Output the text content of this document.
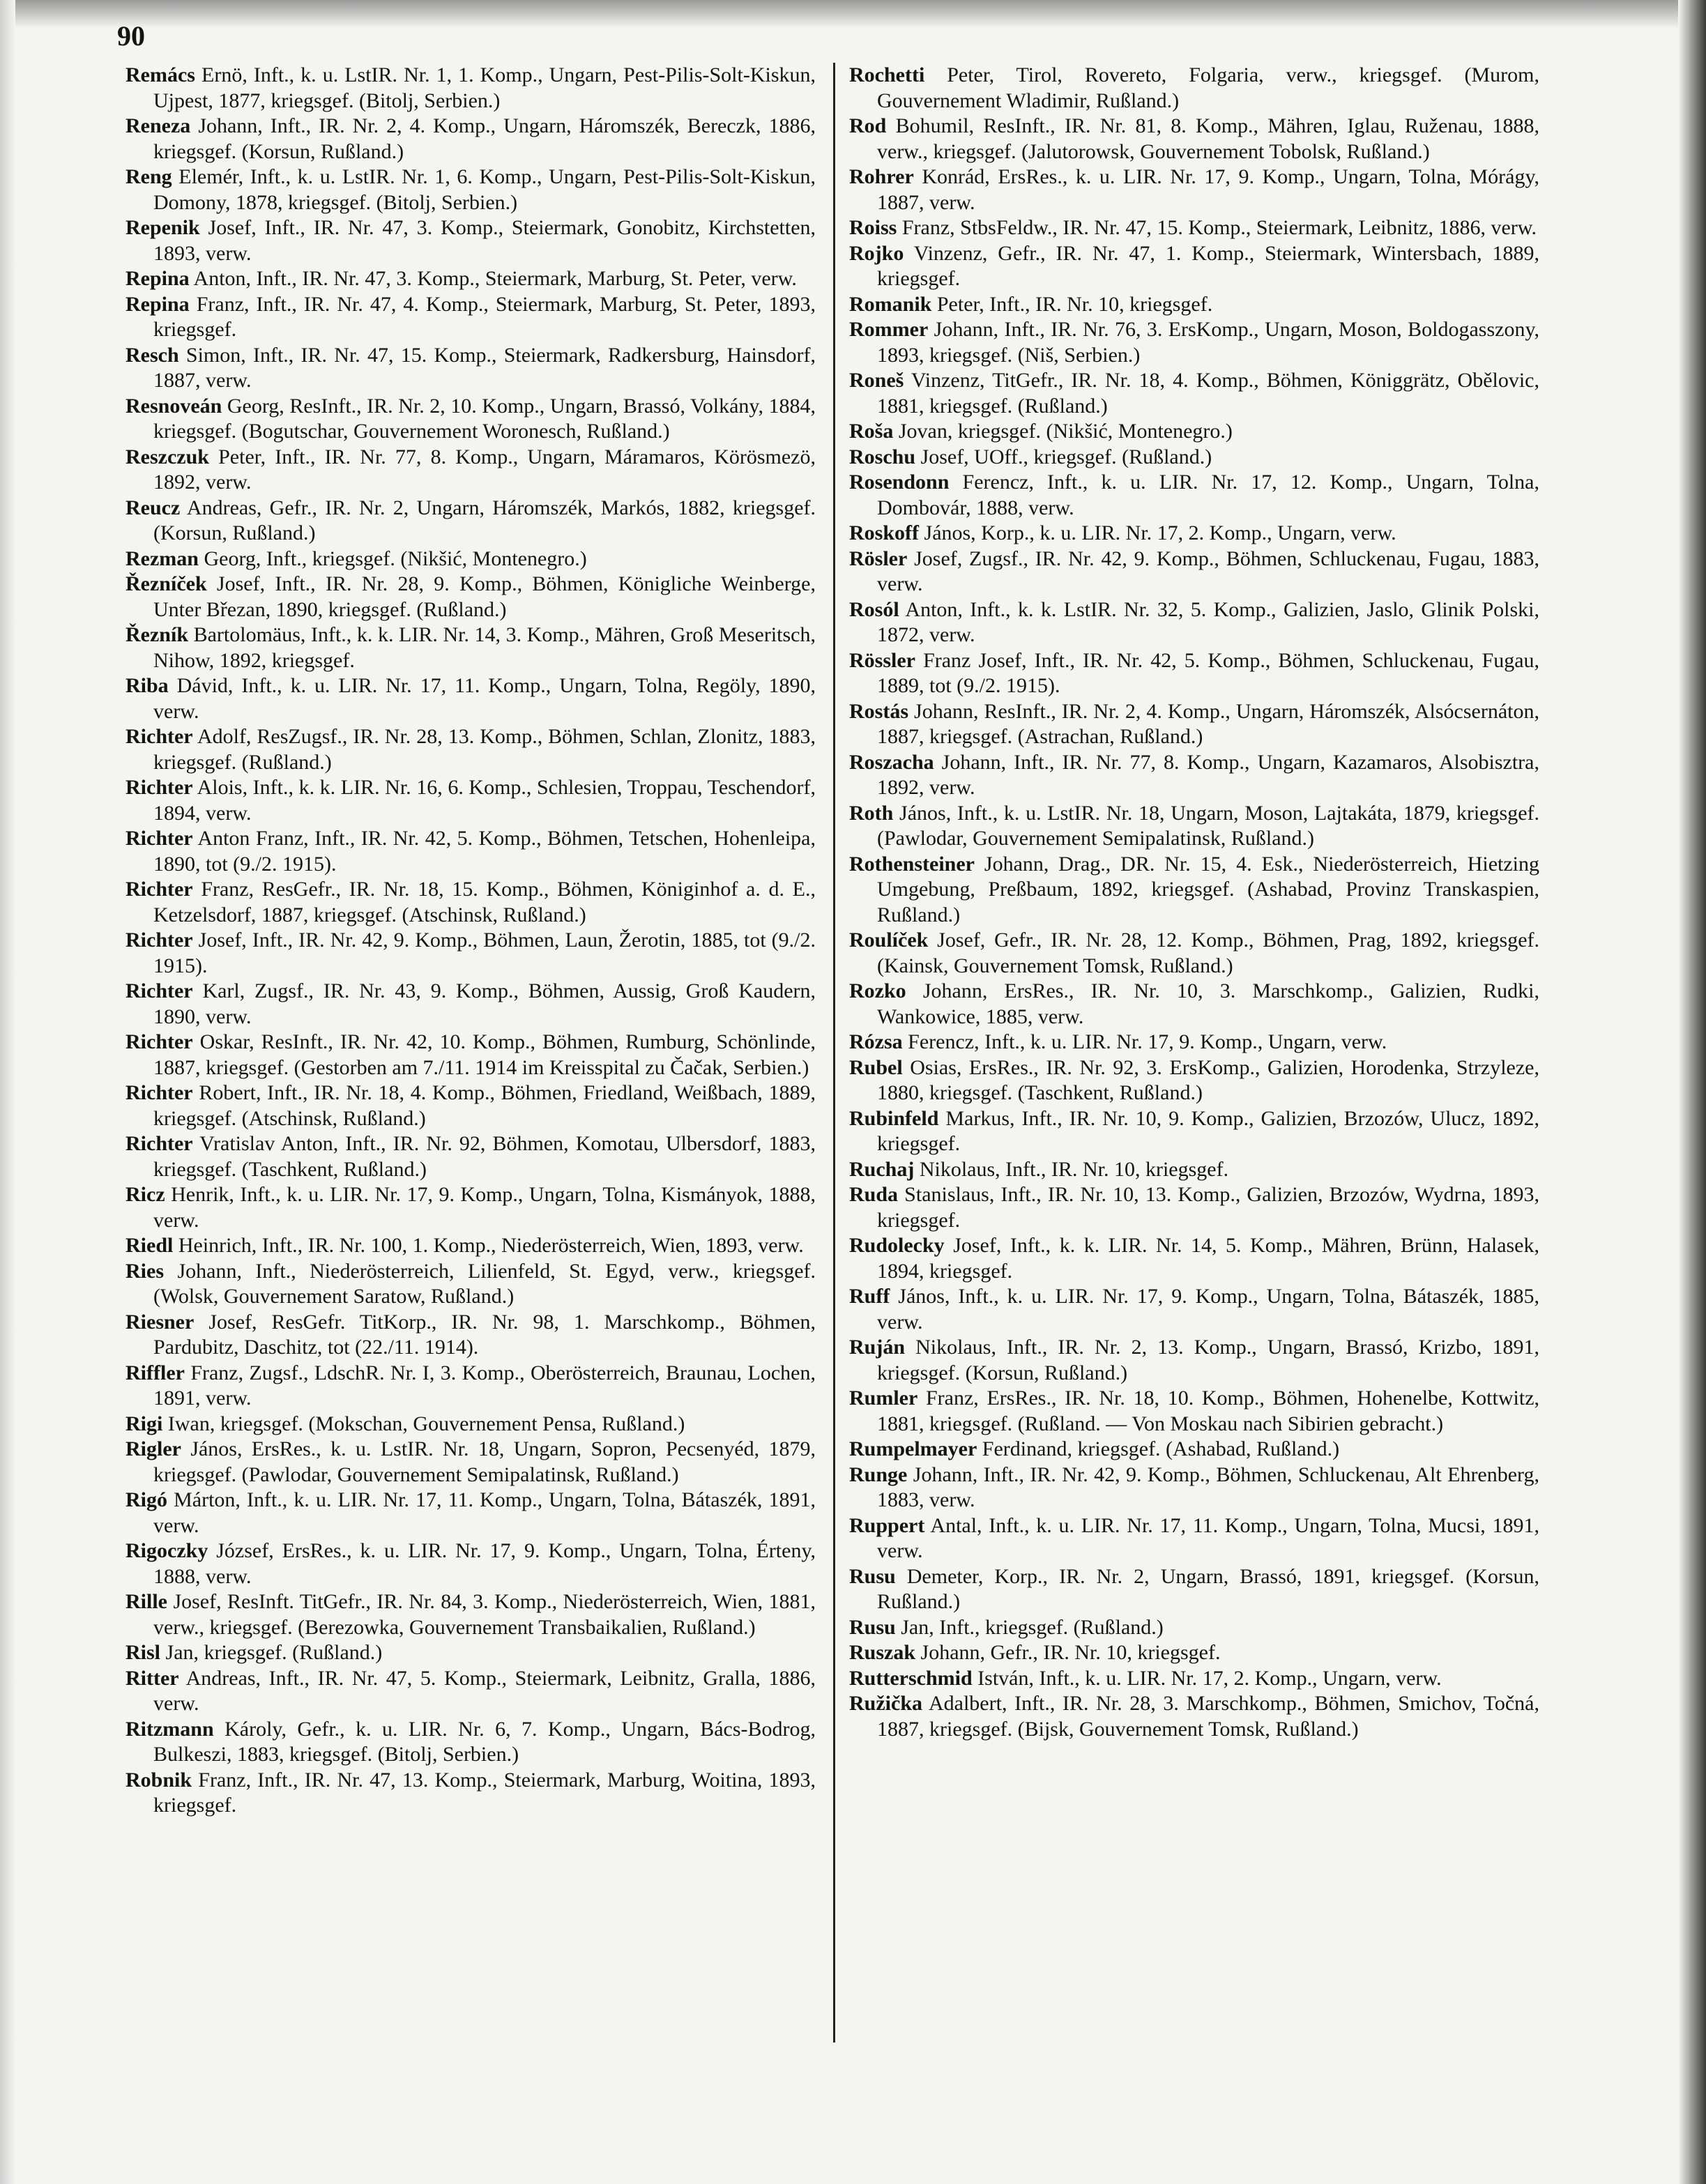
90
Remács Ernö, Inft., k. u. LstIR. Nr. 1, 1. Komp., Ungarn, Pest-Pilis-Solt-Kiskun, Ujpest, 1877, kriegsgef. (Bitolj, Serbien.)
Reneza Johann, Inft., IR. Nr. 2, 4. Komp., Ungarn, Háromszék, Bereczk, 1886, kriegsgef. (Korsun, Rußland.)
Reng Elemér, Inft., k. u. LstIR. Nr. 1, 6. Komp., Ungarn, Pest-Pilis-Solt-Kiskun, Domony, 1878, kriegsgef. (Bitolj, Serbien.)
Repenik Josef, Inft., IR. Nr. 47, 3. Komp., Steiermark, Gonobitz, Kirchstetten, 1893, verw.
Repina Anton, Inft., IR. Nr. 47, 3. Komp., Steiermark, Marburg, St. Peter, verw.
Repina Franz, Inft., IR. Nr. 47, 4. Komp., Steiermark, Marburg, St. Peter, 1893, kriegsgef.
Resch Simon, Inft., IR. Nr. 47, 15. Komp., Steiermark, Radkersburg, Hainsdorf, 1887, verw.
Resnoveán Georg, ResInft., IR. Nr. 2, 10. Komp., Ungarn, Brassó, Volkány, 1884, kriegsgef. (Bogutschar, Gouvernement Woronesch, Rußland.)
Reszczuk Peter, Inft., IR. Nr. 77, 8. Komp., Ungarn, Máramaros, Körösmezö, 1892, verw.
Reucz Andreas, Gefr., IR. Nr. 2, Ungarn, Háromszék, Markós, 1882, kriegsgef. (Korsun, Rußland.)
Rezman Georg, Inft., kriegsgef. (Nikšić, Montenegro.)
Řezníček Josef, Inft., IR. Nr. 28, 9. Komp., Böhmen, Königliche Weinberge, Unter Březan, 1890, kriegsgef. (Rußland.)
Řezník Bartolomäus, Inft., k. k. LIR. Nr. 14, 3. Komp., Mähren, Groß Meseritsch, Nihow, 1892, kriegsgef.
Riba Dávid, Inft., k. u. LIR. Nr. 17, 11. Komp., Ungarn, Tolna, Regöly, 1890, verw.
Richter Adolf, ResZugsf., IR. Nr. 28, 13. Komp., Böhmen, Schlan, Zlonitz, 1883, kriegsgef. (Rußland.)
Richter Alois, Inft., k. k. LIR. Nr. 16, 6. Komp., Schlesien, Troppau, Teschendorf, 1894, verw.
Richter Anton Franz, Inft., IR. Nr. 42, 5. Komp., Böhmen, Tetschen, Hohenleipa, 1890, tot (9./2. 1915).
Richter Franz, ResGefr., IR. Nr. 18, 15. Komp., Böhmen, Königinhof a. d. E., Ketzelsdorf, 1887, kriegsgef. (Atschinsk, Rußland.)
Richter Josef, Inft., IR. Nr. 42, 9. Komp., Böhmen, Laun, Žerotin, 1885, tot (9./2. 1915).
Richter Karl, Zugsf., IR. Nr. 43, 9. Komp., Böhmen, Aussig, Groß Kaudern, 1890, verw.
Richter Oskar, ResInft., IR. Nr. 42, 10. Komp., Böhmen, Rumburg, Schönlinde, 1887, kriegsgef. (Gestorben am 7./11. 1914 im Kreisspital zu Čačak, Serbien.)
Richter Robert, Inft., IR. Nr. 18, 4. Komp., Böhmen, Friedland, Weißbach, 1889, kriegsgef. (Atschinsk, Rußland.)
Richter Vratislav Anton, Inft., IR. Nr. 92, Böhmen, Komotau, Ulbersdorf, 1883, kriegsgef. (Taschkent, Rußland.)
Ricz Henrik, Inft., k. u. LIR. Nr. 17, 9. Komp., Ungarn, Tolna, Kismányok, 1888, verw.
Riedl Heinrich, Inft., IR. Nr. 100, 1. Komp., Niederösterreich, Wien, 1893, verw.
Ries Johann, Inft., Niederösterreich, Lilienfeld, St. Egyd, verw., kriegsgef. (Wolsk, Gouvernement Saratow, Rußland.)
Riesner Josef, ResGefr. TitKorp., IR. Nr. 98, 1. Marschkomp., Böhmen, Pardubitz, Daschitz, tot (22./11. 1914).
Riffler Franz, Zugsf., LdschR. Nr. I, 3. Komp., Oberösterreich, Braunau, Lochen, 1891, verw.
Rigi Iwan, kriegsgef. (Mokschan, Gouvernement Pensa, Rußland.)
Rigler János, ErsRes., k. u. LstIR. Nr. 18, Ungarn, Sopron, Pecsenyéd, 1879, kriegsgef. (Pawlodar, Gouvernement Semipalatinsk, Rußland.)
Rigó Márton, Inft., k. u. LIR. Nr. 17, 11. Komp., Ungarn, Tolna, Bátaszék, 1891, verw.
Rigoczky József, ErsRes., k. u. LIR. Nr. 17, 9. Komp., Ungarn, Tolna, Érteny, 1888, verw.
Rille Josef, ResInft. TitGefr., IR. Nr. 84, 3. Komp., Niederösterreich, Wien, 1881, verw., kriegsgef. (Berezowka, Gouvernement Transbaikalien, Rußland.)
Risl Jan, kriegsgef. (Rußland.)
Ritter Andreas, Inft., IR. Nr. 47, 5. Komp., Steiermark, Leibnitz, Gralla, 1886, verw.
Ritzmann Károly, Gefr., k. u. LIR. Nr. 6, 7. Komp., Ungarn, Bács-Bodrog, Bulkeszi, 1883, kriegsgef. (Bitolj, Serbien.)
Robnik Franz, Inft., IR. Nr. 47, 13. Komp., Steiermark, Marburg, Woitina, 1893, kriegsgef.
Rochetti Peter, Tirol, Rovereto, Folgaria, verw., kriegsgef. (Murom, Gouvernement Wladimir, Rußland.)
Rod Bohumil, ResInft., IR. Nr. 81, 8. Komp., Mähren, Iglau, Ruženau, 1888, verw., kriegsgef. (Jalutorowsk, Gouvernement Tobolsk, Rußland.)
Rohrer Konrád, ErsRes., k. u. LIR. Nr. 17, 9. Komp., Ungarn, Tolna, Mórágy, 1887, verw.
Roiss Franz, StbsFeldw., IR. Nr. 47, 15. Komp., Steiermark, Leibnitz, 1886, verw.
Rojko Vinzenz, Gefr., IR. Nr. 47, 1. Komp., Steiermark, Wintersbach, 1889, kriegsgef.
Romanik Peter, Inft., IR. Nr. 10, kriegsgef.
Rommer Johann, Inft., IR. Nr. 76, 3. ErsKomp., Ungarn, Moson, Boldogasszony, 1893, kriegsgef. (Niš, Serbien.)
Roneš Vinzenz, TitGefr., IR. Nr. 18, 4. Komp., Böhmen, Königgrätz, Obělovic, 1881, kriegsgef. (Rußland.)
Roša Jovan, kriegsgef. (Nikšić, Montenegro.)
Roschu Josef, UOff., kriegsgef. (Rußland.)
Rosendonn Ferencz, Inft., k. u. LIR. Nr. 17, 12. Komp., Ungarn, Tolna, Dombovár, 1888, verw.
Roskoff János, Korp., k. u. LIR. Nr. 17, 2. Komp., Ungarn, verw.
Rösler Josef, Zugsf., IR. Nr. 42, 9. Komp., Böhmen, Schluckenau, Fugau, 1883, verw.
Rosól Anton, Inft., k. k. LstIR. Nr. 32, 5. Komp., Galizien, Jaslo, Glinik Polski, 1872, verw.
Rössler Franz Josef, Inft., IR. Nr. 42, 5. Komp., Böhmen, Schluckenau, Fugau, 1889, tot (9./2. 1915).
Rostás Johann, ResInft., IR. Nr. 2, 4. Komp., Ungarn, Háromszék, Alsócsernáton, 1887, kriegsgef. (Astrachan, Rußland.)
Roszacha Johann, Inft., IR. Nr. 77, 8. Komp., Ungarn, Kazamaros, Alsobisztra, 1892, verw.
Roth János, Inft., k. u. LstIR. Nr. 18, Ungarn, Moson, Lajtakáta, 1879, kriegsgef. (Pawlodar, Gouvernement Semipalatinsk, Rußland.)
Rothensteiner Johann, Drag., DR. Nr. 15, 4. Esk., Niederösterreich, Hietzing Umgebung, Preßbaum, 1892, kriegsgef. (Ashabad, Provinz Transkaspien, Rußland.)
Roulíček Josef, Gefr., IR. Nr. 28, 12. Komp., Böhmen, Prag, 1892, kriegsgef. (Kainsk, Gouvernement Tomsk, Rußland.)
Rozko Johann, ErsRes., IR. Nr. 10, 3. Marschkomp., Galizien, Rudki, Wankowice, 1885, verw.
Rózsa Ferencz, Inft., k. u. LIR. Nr. 17, 9. Komp., Ungarn, verw.
Rubel Osias, ErsRes., IR. Nr. 92, 3. ErsKomp., Galizien, Horodenka, Strzyleze, 1880, kriegsgef. (Taschkent, Rußland.)
Rubinfeld Markus, Inft., IR. Nr. 10, 9. Komp., Galizien, Brzozów, Ulucz, 1892, kriegsgef.
Ruchaj Nikolaus, Inft., IR. Nr. 10, kriegsgef.
Ruda Stanislaus, Inft., IR. Nr. 10, 13. Komp., Galizien, Brzozów, Wydrna, 1893, kriegsgef.
Rudolecky Josef, Inft., k. k. LIR. Nr. 14, 5. Komp., Mähren, Brünn, Halasek, 1894, kriegsgef.
Ruff János, Inft., k. u. LIR. Nr. 17, 9. Komp., Ungarn, Tolna, Bátaszék, 1885, verw.
Ruján Nikolaus, Inft., IR. Nr. 2, 13. Komp., Ungarn, Brassó, Krizbo, 1891, kriegsgef. (Korsun, Rußland.)
Rumler Franz, ErsRes., IR. Nr. 18, 10. Komp., Böhmen, Hohenelbe, Kottwitz, 1881, kriegsgef. (Rußland. — Von Moskau nach Sibirien gebracht.)
Rumpelmayer Ferdinand, kriegsgef. (Ashabad, Rußland.)
Runge Johann, Inft., IR. Nr. 42, 9. Komp., Böhmen, Schluckenau, Alt Ehrenberg, 1883, verw.
Ruppert Antal, Inft., k. u. LIR. Nr. 17, 11. Komp., Ungarn, Tolna, Mucsi, 1891, verw.
Rusu Demeter, Korp., IR. Nr. 2, Ungarn, Brassó, 1891, kriegsgef. (Korsun, Rußland.)
Rusu Jan, Inft., kriegsgef. (Rußland.)
Ruszak Johann, Gefr., IR. Nr. 10, kriegsgef.
Rutterschmid István, Inft., k. u. LIR. Nr. 17, 2. Komp., Ungarn, verw.
Ružička Adalbert, Inft., IR. Nr. 28, 3. Marschkomp., Böhmen, Smichov, Točná, 1887, kriegsgef. (Bijsk, Gouvernement Tomsk, Rußland.)
